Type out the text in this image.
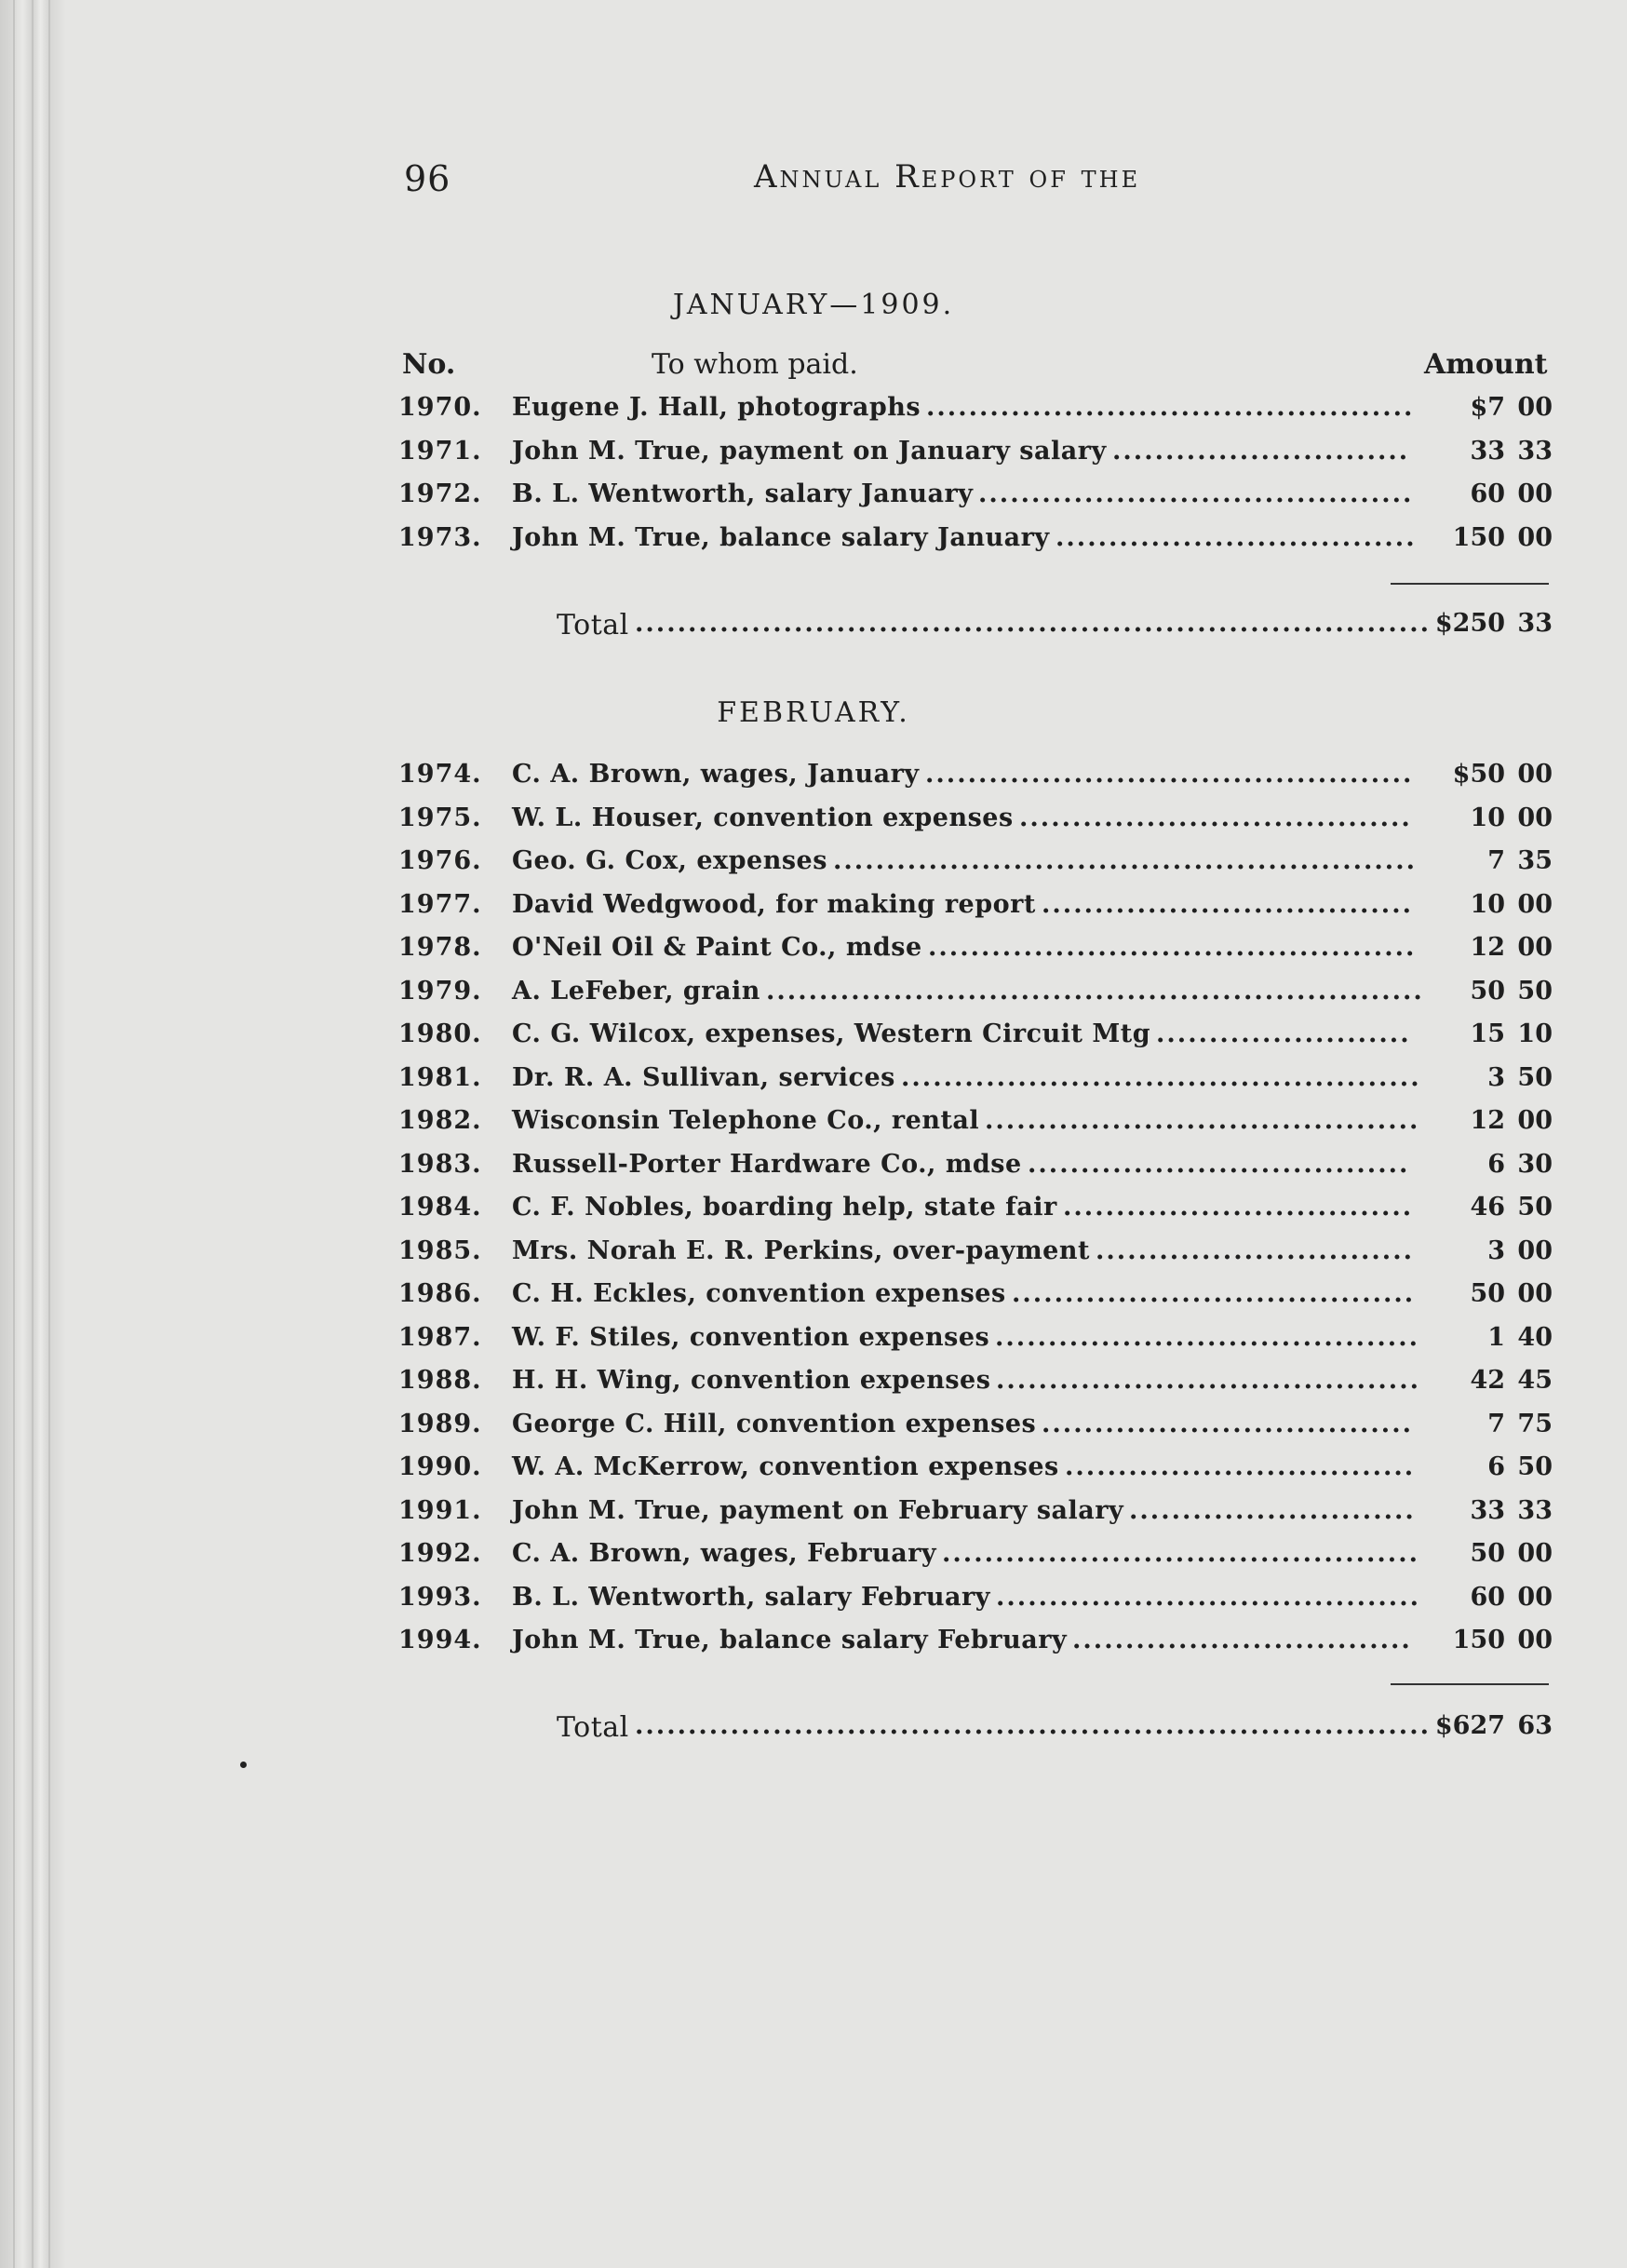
96	Annual Report of the
JANUARY—1909.
No.	To whom paid.	Amount
1970. Eugene J. Hall, photographs .............................................. $7 00
1971. John M. True, payment on January salary ............................ 33 33
1972. B. L. Wentworth, salary January ......................................... 60 00
1973. John M. True, balance salary January .................................. 150 00
Total ........................................................................... $250 33
FEBRUARY.
1974. C. A. Brown, wages, January .............................................. $50 00
1975. W. L. Houser, convention expenses ..................................... 10 00
1976. Geo. G. Cox, expenses .......................................................	7 35
1977. David Wedgwood, for making report ................................... 10 00
1978. O'Neil Oil & Paint Co., mdse .............................................. 12 00
1979. A. LeFeber, grain .............................................................. 50 50
1980. C. G. Wilcox, expenses, Western Circuit Mtg ........................ 15 10
1981. Dr. R. A. Sullivan, services .................................................	3 50
1982. Wisconsin Telephone Co., rental ......................................... 12 00
1983. Russell-Porter Hardware Co., mdse ....................................	6 30
1984. C. F. Nobles, boarding help, state fair ................................. 46 50
1985. Mrs. Norah E. R. Perkins, over-payment ..............................	3 00
1986. C. H. Eckles, convention expenses ...................................... 50 00
1987. W. F. Stiles, convention expenses ........................................	1 40
1988. H. H. Wing, convention expenses ........................................ 42 45
1989. George C. Hill, convention expenses ...................................	7 75
1990. W. A. McKerrow, convention expenses .................................	6 50
1991. John M. True, payment on February salary ........................... 33 33
1992. C. A. Brown, wages, February ............................................. 50 00
1993. B. L. Wentworth, salary February ........................................ 60 00
1994. John M. True, balance salary February ................................ 150 00
Total ........................................................................... $627 63
